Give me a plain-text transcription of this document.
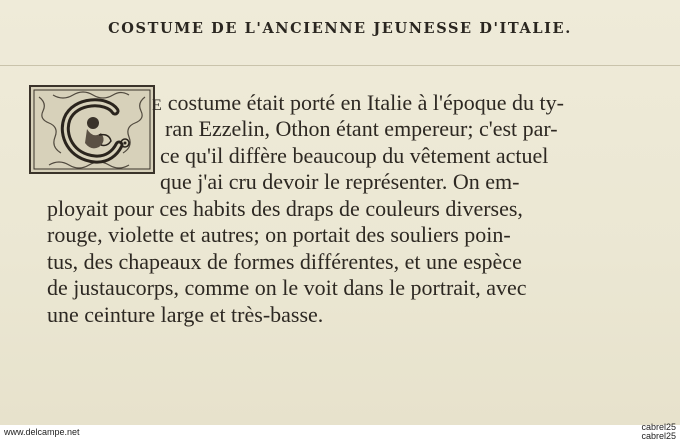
COSTUME DE L'ANCIENNE JEUNESSE D'ITALIE.
E costume était porté en Italie à l'époque du ty-
ran Ezzelin, Othon étant empereur; c'est par-
ce qu'il diffère beaucoup du vêtement actuel
que j'ai cru devoir le représenter. On em-
ployait pour ces habits des draps de couleurs diverses,
rouge, violette et autres; on portait des souliers poin-
tus, des chapeaux de formes différentes, et une espèce
de justaucorps, comme on le voit dans le portrait, avec
une ceinture large et très-basse.
www.delcampe.net	cabrel25
cabrel25
